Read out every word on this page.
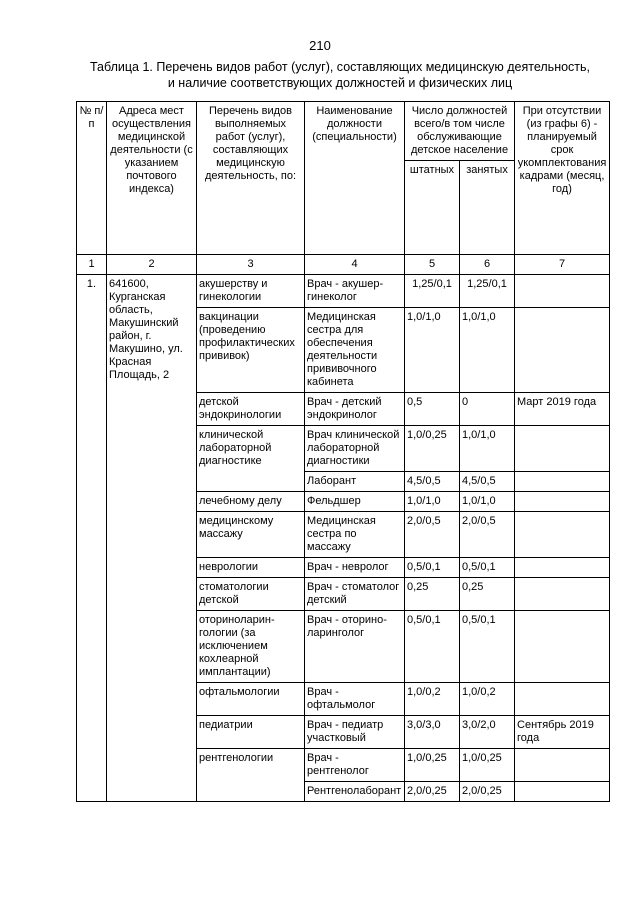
210
Таблица 1. Перечень видов работ (услуг), составляющих медицинскую деятельность,
и наличие соответствующих должностей и физических лиц
№ п/п	Адреса мест осуществления медицинской деятельности (с указанием почтового индекса)	Перечень видов выполняемых работ (услуг), составляющих медицинскую деятельность, по:	Наименование должности (специальности)	Число должностей всего/в том числе обслуживающие детское население		При отсутствии (из графы 6) - планируемый срок укомплектования кадрами (месяц, год)
				штатных	занятых	
1	2	3	4	5	6	7
1.	641600, Курганская область, Макушинский район, г. Макушино, ул. Красная Площадь, 2	акушерству и гинекологии	Врач - акушер-гинеколог	1,25/0,1	1,25/0,1	
		вакцинации (проведению профилактических прививок)	Медицинская сестра для обеспечения деятельности прививочного кабинета	1,0/1,0	1,0/1,0	
		детской эндокринологии	Врач - детский эндокринолог	0,5	0	Март 2019 года
		клинической лабораторной диагностике	Врач клинической лабораторной диагностики	1,0/0,25	1,0/1,0	
			Лаборант	4,5/0,5	4,5/0,5	
		лечебному делу	Фельдшер	1,0/1,0	1,0/1,0	
		медицинскому массажу	Медицинская сестра по массажу	2,0/0,5	2,0/0,5	
		неврологии	Врач - невролог	0,5/0,1	0,5/0,1	
		стоматологии детской	Врач - стоматолог детский	0,25	0,25	
		оториноларин-гологии (за исключением кохлеарной имплантации)	Врач - оторино-ларинголог	0,5/0,1	0,5/0,1	
		офтальмологии	Врач - офтальмолог	1,0/0,2	1,0/0,2	
		педиатрии	Врач - педиатр участковый	3,0/3,0	3,0/2,0	Сентябрь 2019 года
		рентгенологии	Врач - рентгенолог	1,0/0,25	1,0/0,25	
			Рентгенолаборант	2,0/0,25	2,0/0,25	
